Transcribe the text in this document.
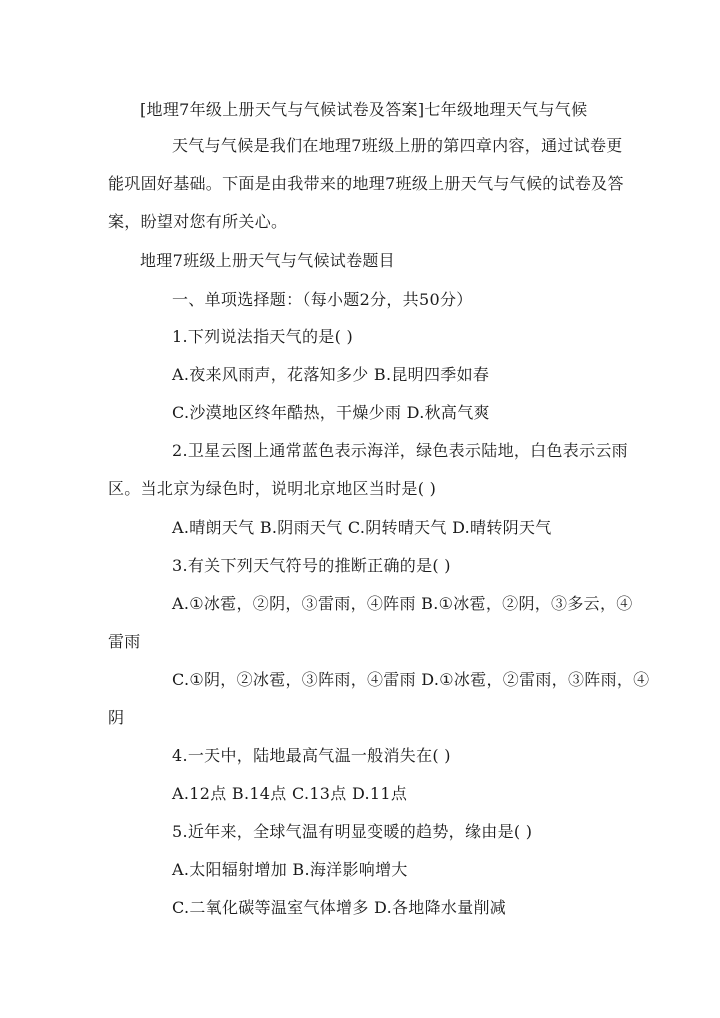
[地理7年级上册天气与气候试卷及答案]七年级地理天气与气候
天气与气候是我们在地理7班级上册的第四章内容，通过试卷更
能巩固好基础。下面是由我带来的地理7班级上册天气与气候的试卷及答
案，盼望对您有所关心。
地理7班级上册天气与气候试卷题目
一、单项选择题：（每小题2分，共50分）
1.下列说法指天气的是( )
A.夜来风雨声，花落知多少 B.昆明四季如春
C.沙漠地区终年酷热，干燥少雨 D.秋高气爽
2.卫星云图上通常蓝色表示海洋，绿色表示陆地，白色表示云雨
区。当北京为绿色时，说明北京地区当时是( )
A.晴朗天气 B.阴雨天气 C.阴转晴天气 D.晴转阴天气
3.有关下列天气符号的推断正确的是( )
A.①冰雹，②阴，③雷雨，④阵雨 B.①冰雹，②阴，③多云，④
雷雨
C.①阴，②冰雹，③阵雨，④雷雨 D.①冰雹，②雷雨，③阵雨，④
阴
4.一天中，陆地最高气温一般消失在( )
A.12点 B.14点 C.13点 D.11点
5.近年来，全球气温有明显变暖的趋势，缘由是( )
A.太阳辐射增加 B.海洋影响增大
C.二氧化碳等温室气体增多 D.各地降水量削减
